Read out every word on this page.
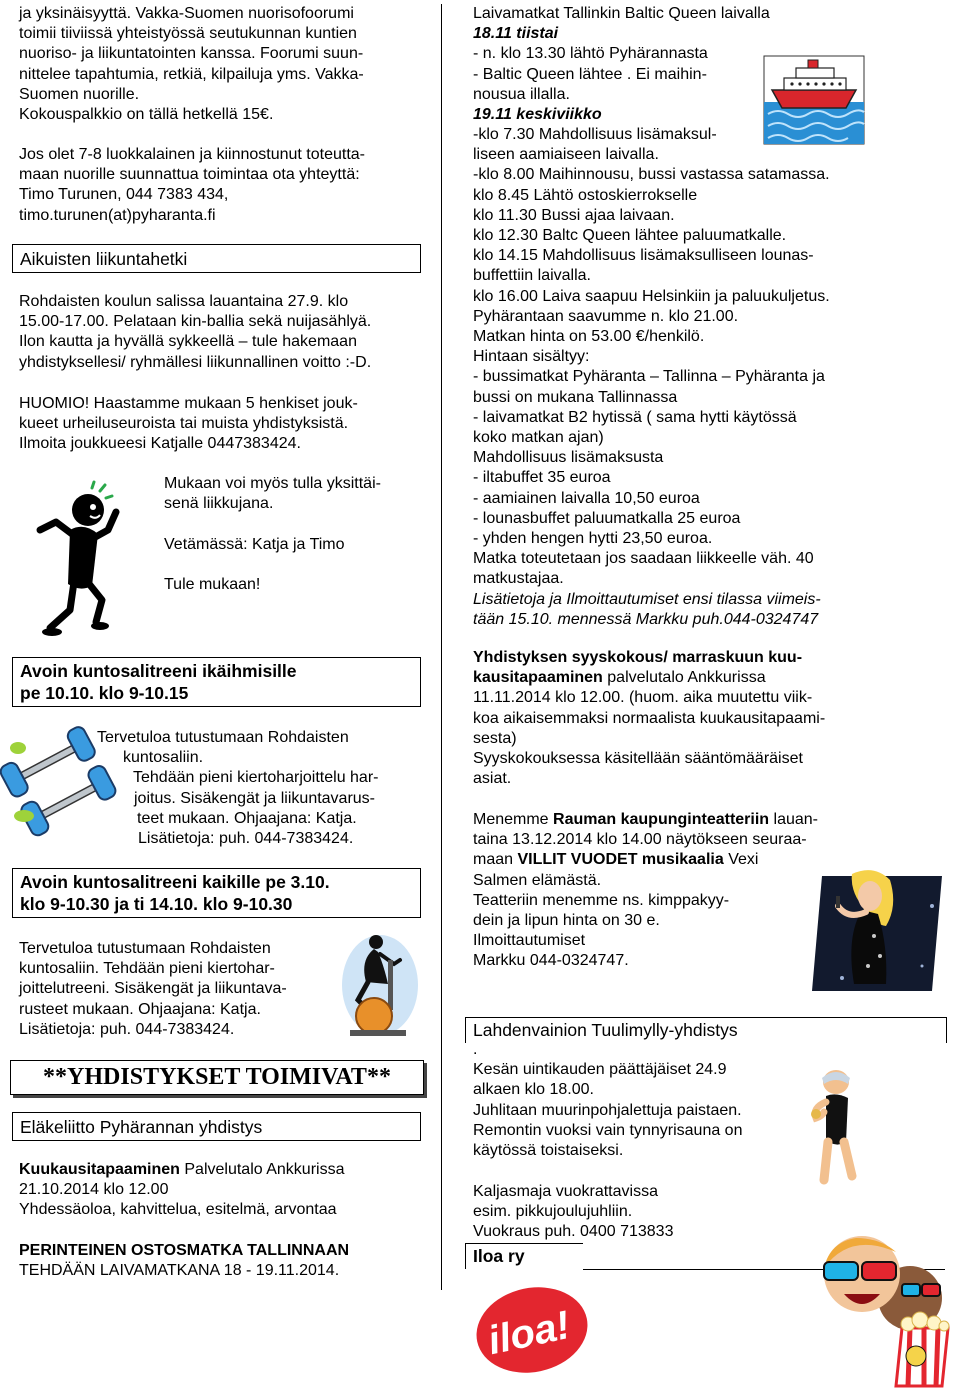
ja yksinäisyyttä. Vakka-Suomen nuorisofoorumi
toimii tiiviissä yhteistyössä seutukunnan kuntien
nuoriso- ja liikuntatointen kanssa. Foorumi suun-
nittelee tapahtumia, retkiä, kilpailuja yms. Vakka-
Suomen nuorille.
Kokouspalkkio on tällä hetkellä 15€.
Jos olet 7-8 luokkalainen ja kiinnostunut toteutta-
maan nuorille suunnattua toimintaa ota yhteyttä:
Timo Turunen, 044 7383 434,
timo.turunen(at)pyharanta.fi
Aikuisten liikuntahetki
Rohdaisten koulun salissa lauantaina 27.9. klo
15.00-17.00. Pelataan kin-ballia sekä nuijasählyä.
Ilon kautta ja hyvällä sykkeellä – tule hakemaan
yhdistyksellesi/ ryhmällesi liikunnallinen voitto :-D.
HUOMIO! Haastamme mukaan 5 henkiset jouk-
kueet urheiluseuroista tai muista yhdistyksistä.
Ilmoita joukkueesi Katjalle 0447383424.
Mukaan voi myös tulla yksittäi-
senä liikkujana.
Vetämässä: Katja ja Timo
Tule mukaan!
Avoin kuntosalitreeni ikäihmisille
pe 10.10. klo 9-10.15
Tervetuloa tutustumaan Rohdaisten
kuntosaliin.
Tehdään pieni kiertoharjoittelu har-
joitus. Sisäkengät ja liikuntavarus-
teet mukaan. Ohjaajana: Katja.
Lisätietoja: puh. 044-7383424.
Avoin kuntosalitreeni kaikille pe 3.10.
klo 9-10.30 ja ti 14.10. klo 9-10.30
Tervetuloa tutustumaan Rohdaisten
kuntosaliin. Tehdään pieni kiertohar-
joittelutreeni. Sisäkengät ja liikuntava-
rusteet mukaan. Ohjaajana: Katja.
Lisätietoja: puh. 044-7383424.
**YHDISTYKSET TOIMIVAT**
Eläkeliitto Pyhärannan yhdistys
Kuukausitapaaminen Palvelutalo Ankkurissa
21.10.2014 klo 12.00
Yhdessäoloa, kahvittelua, esitelmä, arvontaa
PERINTEINEN OSTOSMATKA TALLINNAAN
TEHDÄÄN LAIVAMATKANA 18 - 19.11.2014.
Laivamatkat Tallinkin Baltic Queen laivalla
18.11 tiistai
- n. klo 13.30 lähtö Pyhärannasta
- Baltic Queen lähtee . Ei maihin-
nousua illalla.
19.11 keskiviikko
-klo 7.30 Mahdollisuus lisämaksul-
liseen aamiaiseen laivalla.
-klo 8.00 Maihinnousu, bussi vastassa satamassa.
klo 8.45 Lähtö ostoskierrokselle
klo 11.30 Bussi ajaa laivaan.
klo 12.30 Baltc Queen lähtee paluumatkalle.
klo 14.15 Mahdollisuus lisämaksulliseen lounas-
buffettiin laivalla.
klo 16.00 Laiva saapuu Helsinkiin ja paluukuljetus.
Pyhärantaan saavumme n. klo 21.00.
Matkan hinta on 53.00 €/henkilö.
Hintaan sisältyy:
- bussimatkat Pyhäranta – Tallinna – Pyhäranta ja
bussi on mukana Tallinnassa
- laivamatkat B2 hytissä ( sama hytti käytössä
koko matkan ajan)
Mahdollisuus lisämaksusta
- iltabuffet 35 euroa
- aamiainen laivalla 10,50 euroa
- lounasbuffet paluumatkalla 25 euroa
- yhden hengen hytti 23,50 euroa.
Matka toteutetaan jos saadaan liikkeelle väh. 40
matkustajaa.
Lisätietoja ja Ilmoittautumiset ensi tilassa viimeis-
tään 15.10. mennessä Markku puh.044-0324747
Yhdistyksen syyskokous/ marraskuun kuu-
kausitapaaminen palvelutalo Ankkurissa
11.11.2014 klo 12.00. (huom. aika muutettu viik-
koa aikaisemmaksi normaalista kuukausitapaami-
sesta)
Syyskokouksessa käsitellään sääntömääräiset
asiat.
Menemme Rauman kaupunginteatteriin lauan-
taina 13.12.2014 klo 14.00 näytökseen seuraa-
maan VILLIT VUODET musikaalia Vexi
Salmen elämästä.
Teatteriin menemme ns. kimppakyy-
dein ja lipun hinta on 30 e.
Ilmoittautumiset
Markku 044-0324747.
Lahdenvainion Tuulimylly-yhdistys
.
Kesän uintikauden päättäjäiset 24.9
alkaen klo 18.00.
Juhlitaan muurinpohjalettuja paistaen.
Remontin vuoksi vain tynnyrisauna on
käytössä toistaiseksi.
Kaljasmaja vuokrattavissa
esim. pikkujoulujuhliin.
Vuokraus puh. 0400 713833
Iloa ry
iloa!
